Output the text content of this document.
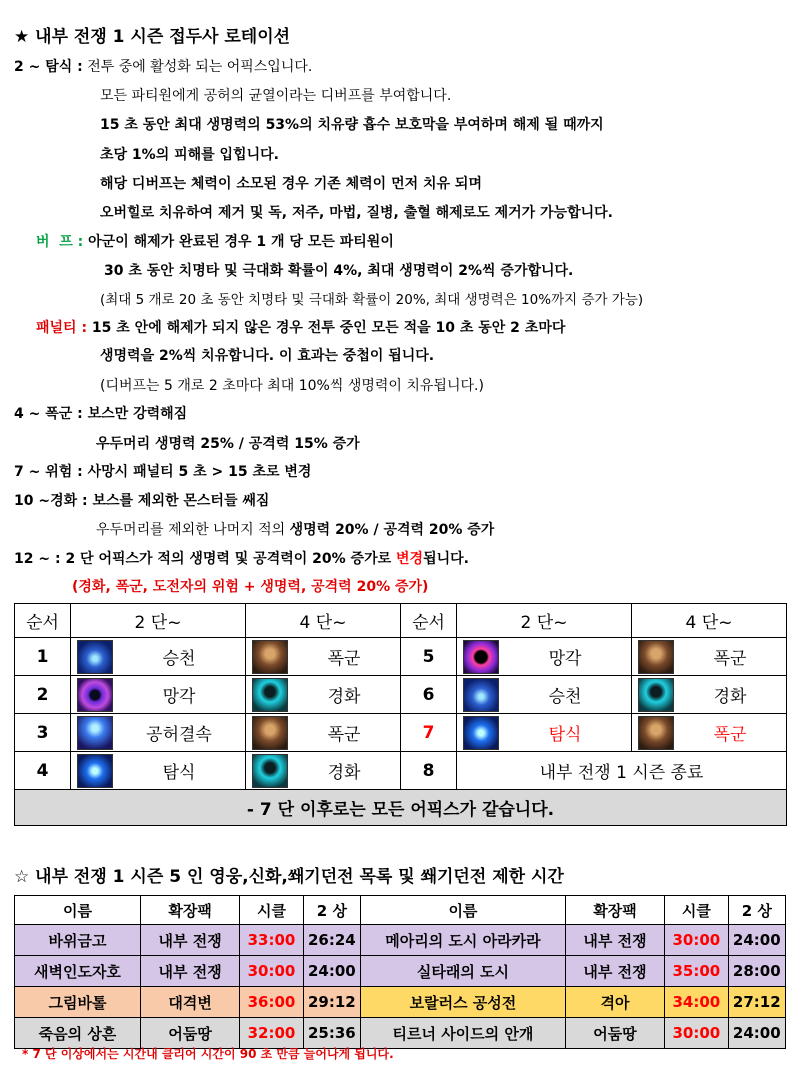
★ 내부 전쟁 1 시즌 접두사 로테이션
2 ~ 탐식 : 전투 중에 활성화 되는 어픽스입니다.
모든 파티원에게 공허의 균열이라는 디버프를 부여합니다.
15 초 동안 최대 생명력의 53%의 치유량 흡수 보호막을 부여하며 해제 될 때까지
초당 1%의 피해를 입힙니다.
해당 디버프는 체력이 소모된 경우 기존 체력이 먼저 치유 되며
오버힐로 치유하여 제거 및 독, 저주, 마법, 질병, 출혈 해제로도 제거가 가능합니다.
버  프 : 아군이 해제가 완료된 경우 1 개 당 모든 파티원이
30 초 동안 치명타 및 극대화 확률이 4%, 최대 생명력이 2%씩 증가합니다.
(최대 5 개로 20 초 동안 치명타 및 극대화 확률이 20%, 최대 생명력은 10%까지 증가 가능)
패널티 : 15 초 안에 해제가 되지 않은 경우 전투 중인 모든 적을 10 초 동안 2 초마다
생명력을 2%씩 치유합니다. 이 효과는 중첩이 됩니다.
(디버프는 5 개로 2 초마다 최대 10%씩 생명력이 치유됩니다.)
4 ~ 폭군 : 보스만 강력해짐
우두머리 생명력 25% / 공격력 15% 증가
7 ~ 위험 : 사망시 패널티 5 초 > 15 초로 변경
10 ~경화 : 보스를 제외한 몬스터들 쌔짐
우두머리를 제외한 나머지 적의 생명력 20% / 공격력 20% 증가
12 ~ : 2 단 어픽스가 적의 생명력 및 공격력이 20% 증가로 변경됩니다.
(경화, 폭군, 도전자의 위험 + 생명력, 공격력 20% 증가)
순서	2 단~	4 단~	순서	2 단~	4 단~
1	승천	폭군	5	망각	폭군

2	망각	경화	6	승천	경화

3	공허결속	폭군	7	탐식	폭군

4	탐식	경화	8	내부 전쟁 1 시즌 종료	
- 7 단 이후로는 모든 어픽스가 같습니다.					
☆ 내부 전쟁 1 시즌 5 인 영웅,신화,쐐기던전 목록 및 쐐기던전 제한 시간
이름	확장팩	시클	2 상	이름	확장팩	시클	2 상
바위금고	내부 전쟁	33:00	26:24	메아리의 도시 아라카라	내부 전쟁	30:00	24:00
새벽인도자호	내부 전쟁	30:00	24:00	실타래의 도시	내부 전쟁	35:00	28:00
그림바톨	대격변	36:00	29:12	보랄러스 공성전	격아	34:00	27:12
죽음의 상흔	어둠땅	32:00	25:36	티르너 사이드의 안개	어둠땅	30:00	24:00
* 7 단 이상에서는 시간내 클리어 시간이 90 초 만큼 늘어나게 됩니다.
